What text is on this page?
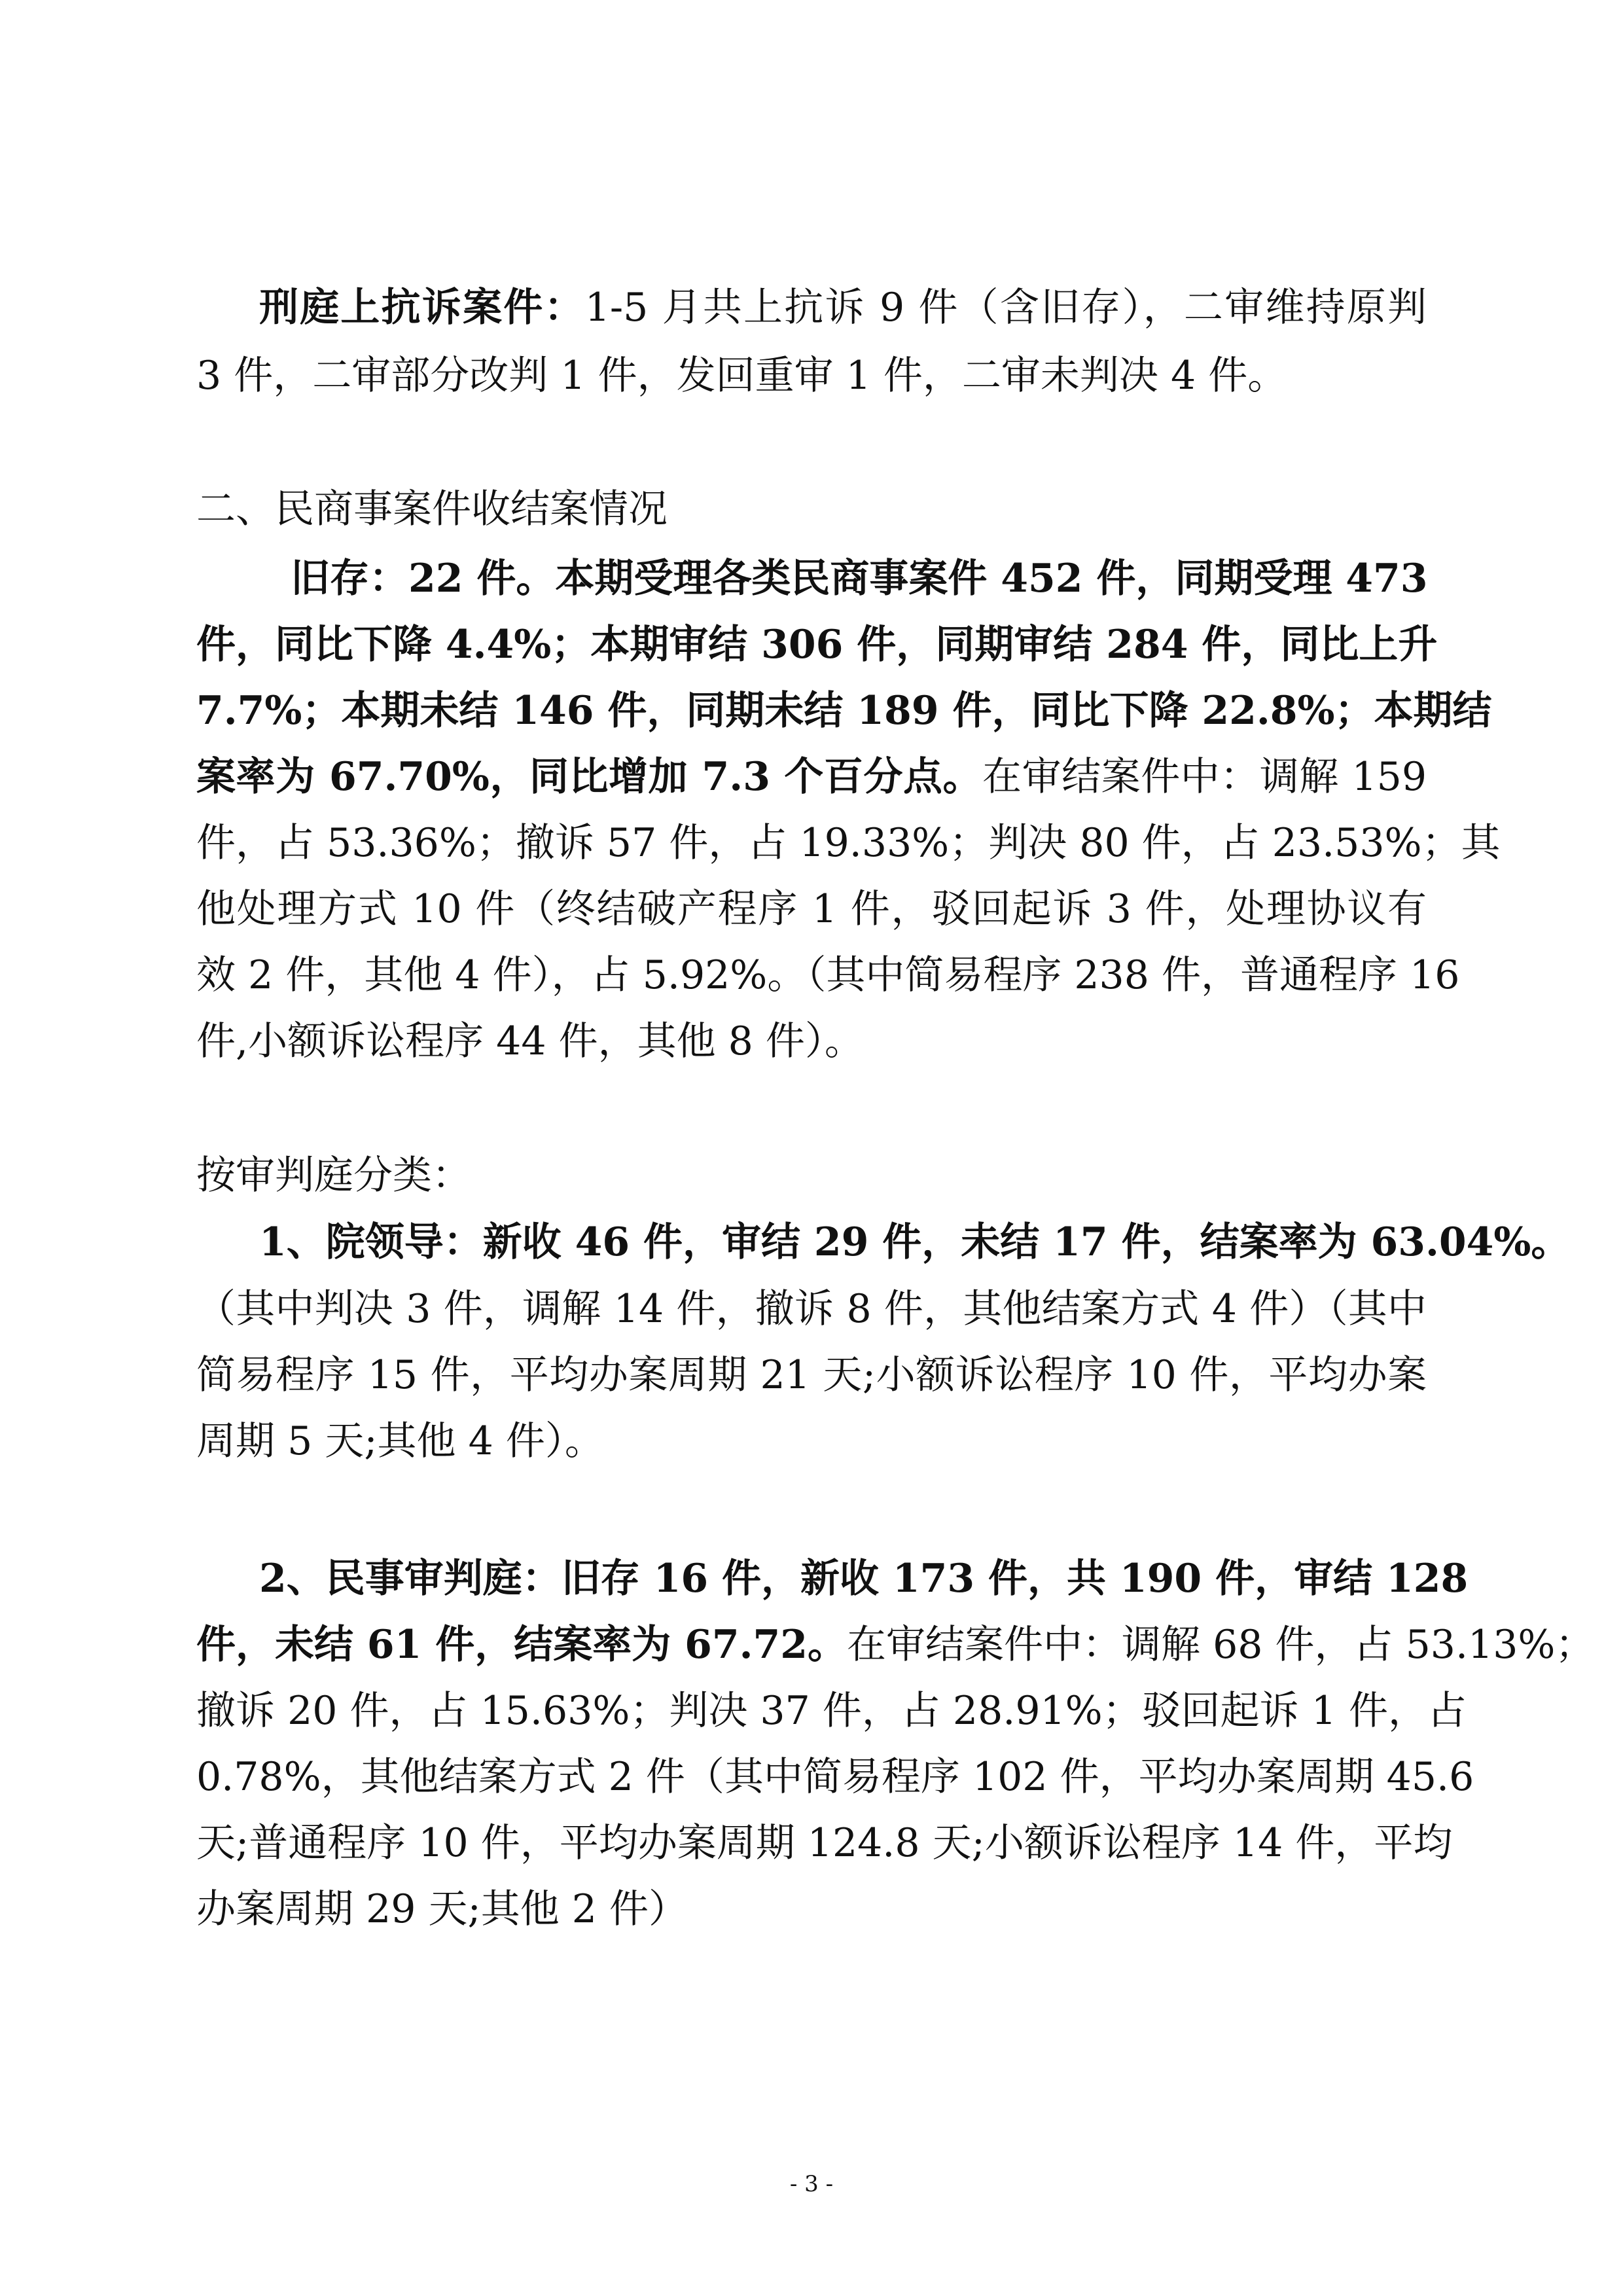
刑庭上抗诉案件：1-5 月共上抗诉 9 件（含旧存），二审维持原判
3 件，二审部分改判 1 件，发回重审 1 件，二审未判决 4 件。
二、民商事案件收结案情况
旧存：22 件。本期受理各类民商事案件 452 件，同期受理 473
件，同比下降 4.4%；本期审结 306 件，同期审结 284 件，同比上升
7.7%；本期未结 146 件，同期未结 189 件，同比下降 22.8%；本期结
案率为 67.70%，同比增加 7.3 个百分点。在审结案件中：调解 159
件，占 53.36%；撤诉 57 件，占 19.33%；判决 80 件，占 23.53%；其
他处理方式 10 件（终结破产程序 1 件，驳回起诉 3 件，处理协议有
效 2 件，其他 4 件），占 5.92%。（其中简易程序 238 件，普通程序 16
件,小额诉讼程序 44 件，其他 8 件）。
按审判庭分类：
1、院领导：新收 46 件，审结 29 件，未结 17 件，结案率为 63.04%。
（其中判决 3 件，调解 14 件，撤诉 8 件，其他结案方式 4 件）（其中
简易程序 15 件，平均办案周期 21 天;小额诉讼程序 10 件，平均办案
周期 5 天;其他 4 件）。
2、民事审判庭：旧存 16 件，新收 173 件，共 190 件，审结 128
件，未结 61 件，结案率为 67.72。在审结案件中：调解 68 件，占 53.13%；
撤诉 20 件，占 15.63%；判决 37 件，占 28.91%；驳回起诉 1 件，占
0.78%，其他结案方式 2 件（其中简易程序 102 件，平均办案周期 45.6
天;普通程序 10 件，平均办案周期 124.8 天;小额诉讼程序 14 件，平均
办案周期 29 天;其他 2 件）
- 3 -
